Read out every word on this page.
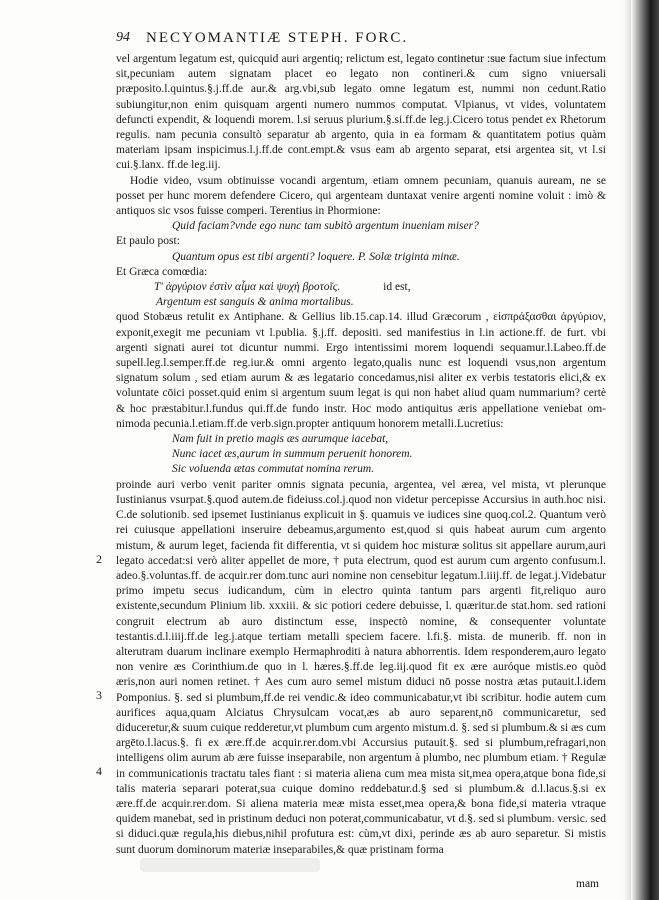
94 NECYOMANTIÆ STEPH. FORC.

vel argentum legatum est, quicquid auri argentiq; relictum est, legato continetur :sue factum siue infectum sit,pecuniam autem signatam placet eo legato non contineri.& cum signo vniuersali præposito.l.quintus.§.j.ff.de aur.& arg.vbi,sub legato omne legatum est, nummi non cedunt.Ratio subiungitur,non enim quisquam argenti numero nummos computat. Vlpianus, vt vides, voluntatem defuncti expendit, & loquendi morem. l.si seruus plurium.§.si.ff.de leg.j.Cicero totus pendet ex Rhetorum regulis. nam pecunia consultò separatur ab argento, quia in ea formam & quantitatem potius quàm materiam ipsam inspicimus.l.j.ff.de cont.empt.& vsus eam ab argento separat, etsi argentea sit, vt l.si cui.§.lanx. ff.de leg.iij.

Hodie video, vsum obtinuisse vocandi argentum, etiam omnem pecuniam, quanuis auream, ne se posset per hunc morem defendere Cicero, qui argenteam duntaxat venire argenti nomine voluit : imò & antiquos sic vsos fuisse comperi. Terentius in Phormione:

Quid faciam?vnde ego nunc tam subitò argentum inueniam miser?

Et paulo post:

Quantum opus est tibi argenti? loquere. P. Solæ triginta minæ.

Et Græca comœdia:

Τ' ἀργύριον ἐστὶν αἷμα καὶ ψυχὴ βροτοῖς.	id est,

Argentum est sanguis & anima mortalibus.

quod Stobæus retulit ex Antiphane. & Gellius lib.15.cap.14. illud Græcorum , εἰσπράξασθαι ἀργύριον, exponit,exegit me pecuniam vt l.publia. §.j.ff. depositi. sed manifestius in l.in actione.ff. de furt. vbi argenti signati aurei tot dicuntur nummi. Ergo intentissimi morem loquendi sequamur.l.Labeo.ff.de supell.leg.l.semper.ff.de reg.iur.& omni argento legato,qualis nunc est loquendi vsus,non argentum signatum solum , sed etiam aurum & æs legatario concedamus,nisi aliter ex verbis testatoris elici,& ex voluntate cōici posset.quid enim si argentum suum legat is qui non habet aliud quam nummarium? certè & hoc præstabitur.l.fundus qui.ff.de fundo instr. Hoc modo antiquitus æris appellatione veniebat omnimoda pecunia.l.etiam.ff.de verb.sign.propter antiquum honorem metalli.Lucretius:

Nam fuit in pretio magis æs aurumque iacebat,

Nunc iacet æs,aurum in summum peruenit honorem.

Sic voluenda ætas commutat nomina rerum.

proinde auri verbo venit pariter omnis signata pecunia, argentea, vel ærea, vel mista, vt plerunque Iustinianus vsurpat.§.quod autem.de fideiuss.col.j.quod non videtur percepisse Accursius in auth.hoc nisi. C.de solutionib. sed ipsemet Iustinianus explicuit in §. quamuis ve iudices sine quoq.col.2. Quantum verò rei cuiusque appellationi inseruire debeamus,argumento est,quod si quis habeat aurum cum argento mistum, & aurum leget, facienda fit differentia, vt si quidem hoc misturæ solitus sit appellare aurum,auri legato accedat:si verò aliter appellet de more, † puta electrum, quod est aurum cum argento confusum.l. adeo.§.voluntas.ff. de acquir.rer dom.tunc auri nomine non censebitur legatum.l.iiij.ff. de legat.j.Videbatur primo impetu secus iudicandum, cùm in electro quinta tantum pars argenti fit,reliquo auro existente,secundum Plinium lib. xxxiii. & sic potiori cedere debuisse, l. quæritur.de stat.hom. sed rationi congruit electrum ab auro distinctum esse, inspectò nomine, & consequenter voluntate testantis.d.l.iiij.ff.de leg.j.atque tertiam metalli speciem facere. l.fi.§. mista. de munerib. ff. non in alterutram duarum inclinare exemplo Hermaphroditi à natura abhorrentis. Idem responderem,auro legato non venire æs Corinthium.de quo in l. hæres.§.ff.de leg.iij.quod fit ex ære auróque mistis.eo quòd æris,non auri nomen retinet. † Aes cum auro semel mistum diduci nō posse nostra ætas putauit.l.idem Pomponius. §. sed si plumbum,ff.de rei vendic.& ideo communicabatur,vt ibi scribitur. hodie autem cum aurifices aqua,quam Alciatus Chrysulcam vocat,æs ab auro separent,nō communicaretur, sed diduceretur,& suum cuique redderetur,vt plumbum cum argento mistum.d. §. sed si plumbum.& si æs cum argēto.l.lacus.§. fi ex ære.ff.de acquir.rer.dom.vbi Accursius putauit.§. sed si plumbum,refragari,non intelligens olim aurum ab ære fuisse inseparabile, non argentum à plumbo, nec plumbum etiam. † Regulæ in communicationis tractatu tales fiant : si materia aliena cum mea mista sit,mea opera,atque bona fide,si talis materia separari poterat,sua cuique domino reddebatur.d.§ sed si plumbum.& d.l.lacus.§.si ex ære.ff.de acquir.rer.dom. Si aliena materia meæ mista esset,mea opera,& bona fide,si materia vtraque quidem manebat, sed in pristinum deduci non poterat,communicabatur, vt d.§. sed si plumbum. versic. sed si diduci.quæ regula,his diebus,nihil profutura est: cùm,vt dixi, perinde æs ab auro separetur. Si mistis sunt duorum dominorum materiæ inseparabiles,& quæ pristinam forma

2
3
4
mam
